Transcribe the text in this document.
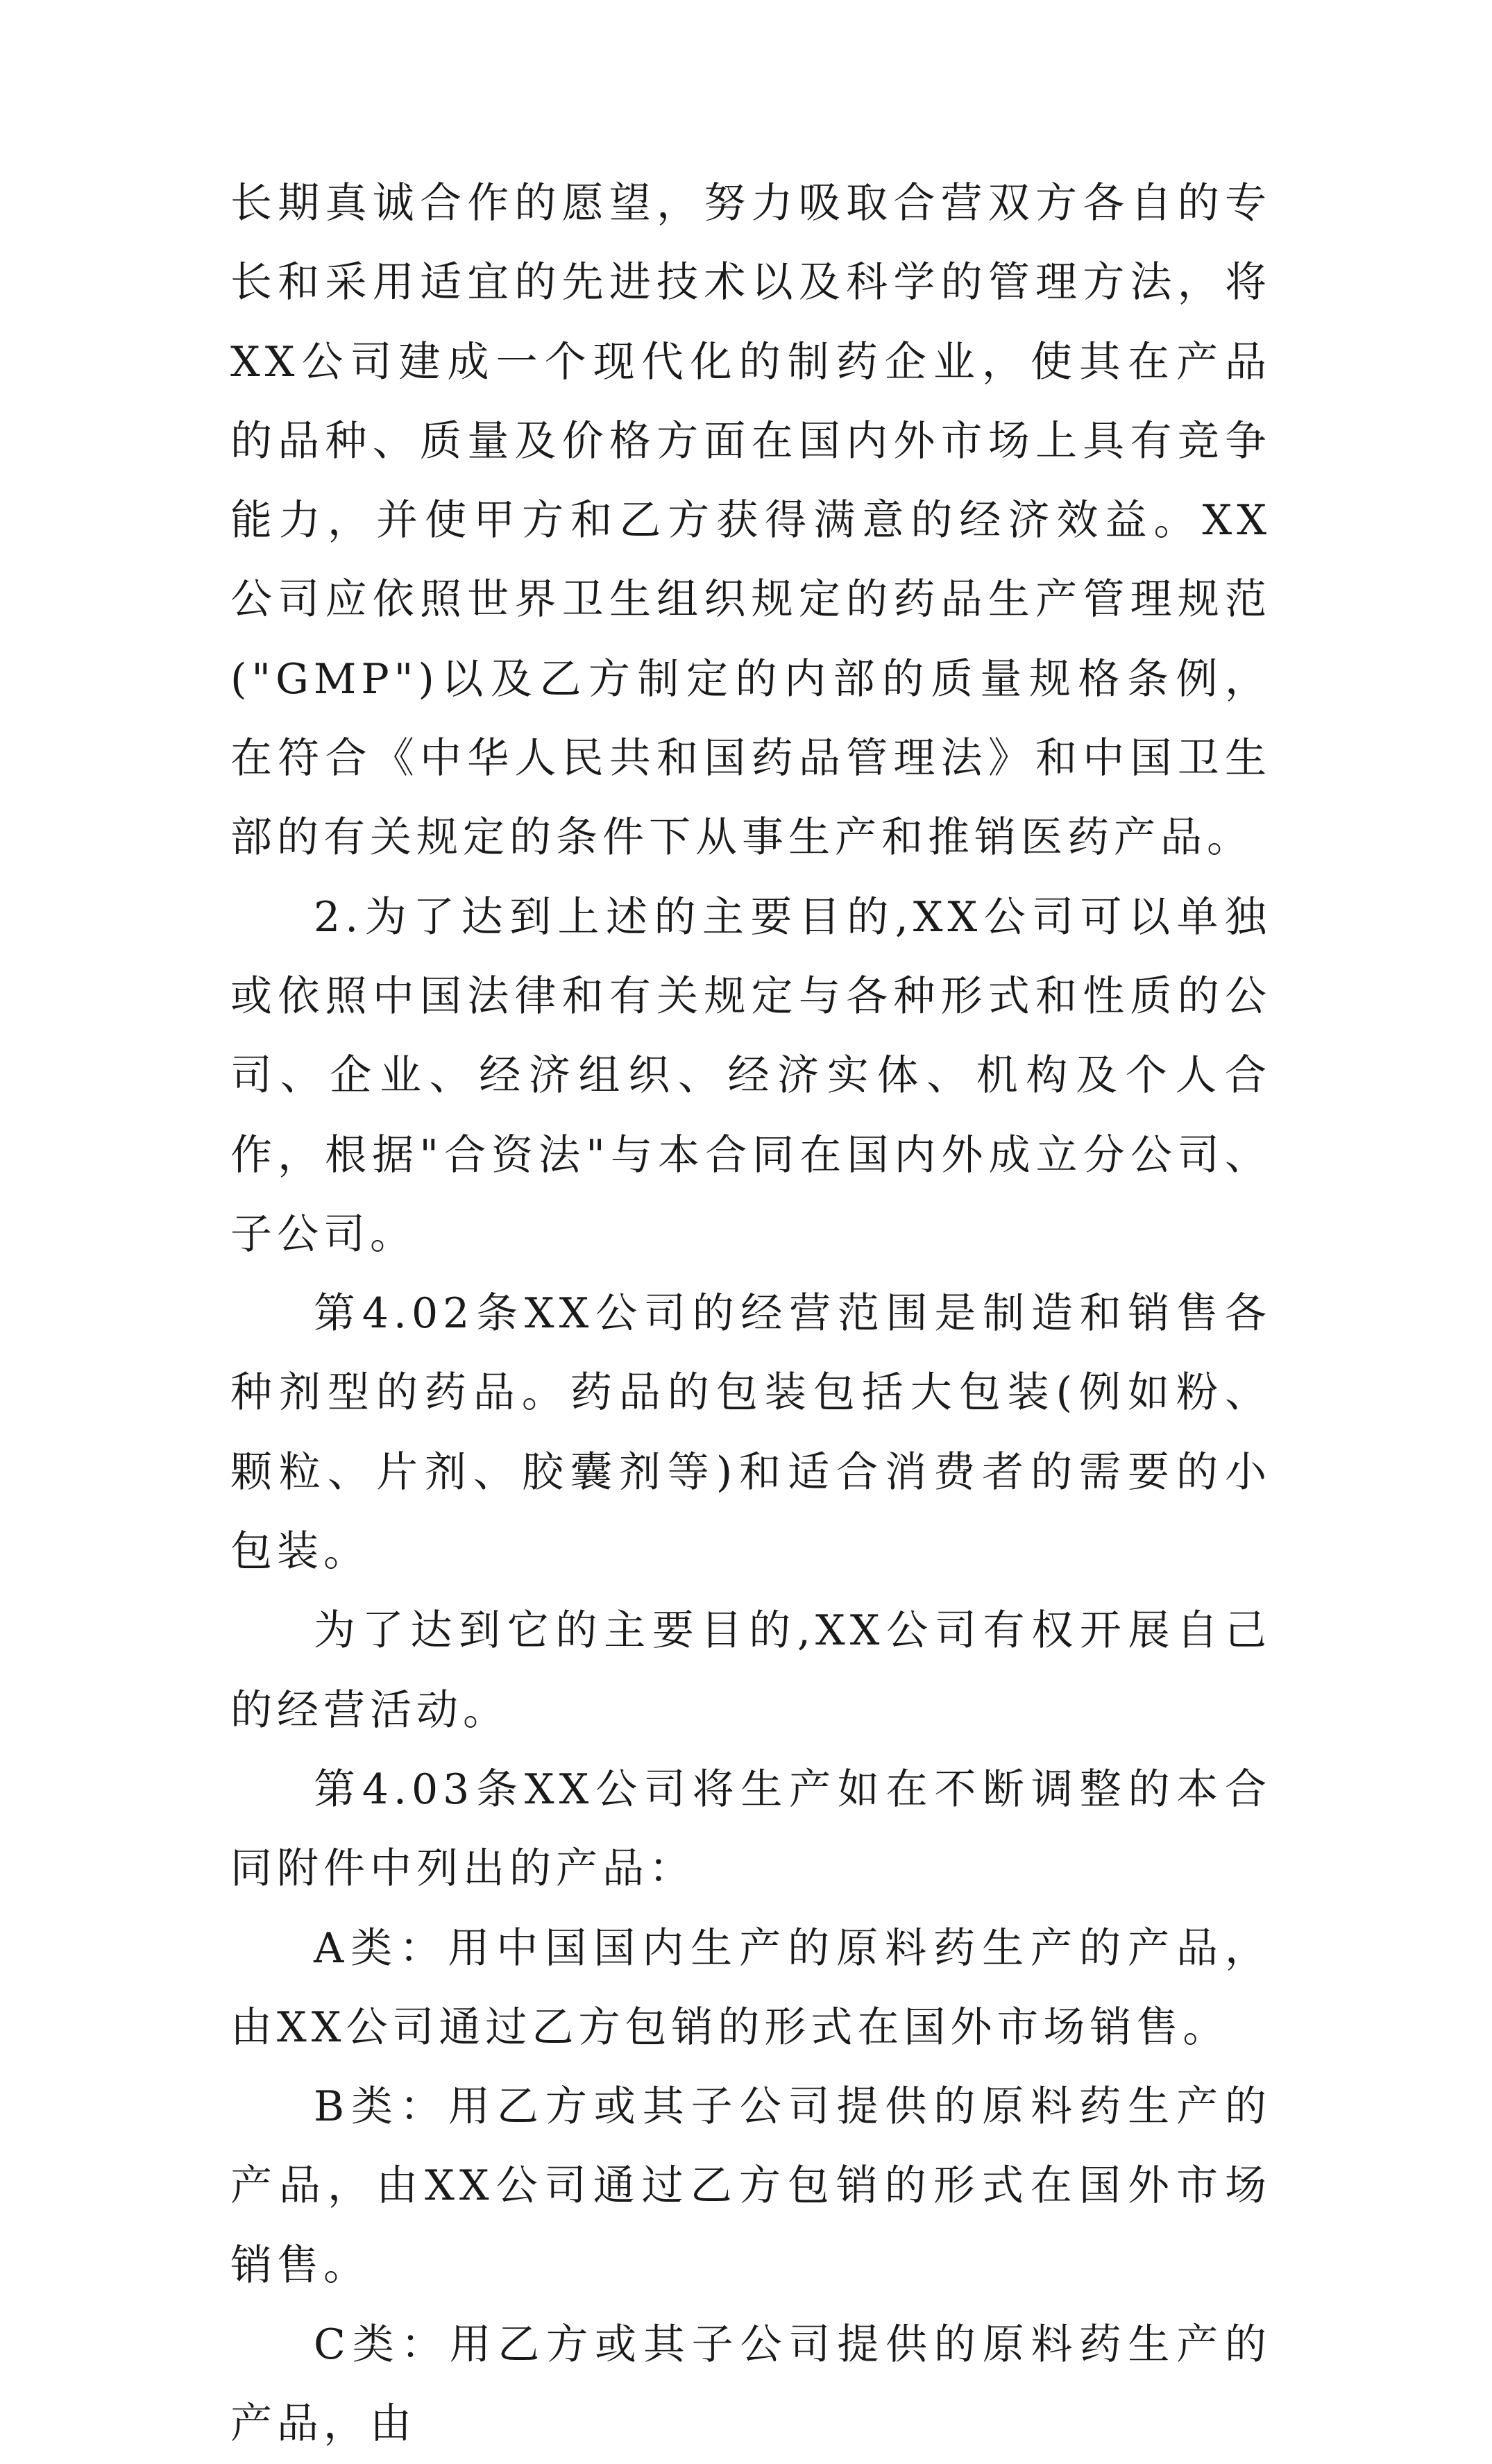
长期真诚合作的愿望，努力吸取合营双方各自的专长和采用适宜的先进技术以及科学的管理方法，将XX公司建成一个现代化的制药企业，使其在产品的品种、质量及价格方面在国内外市场上具有竞争能力，并使甲方和乙方获得满意的经济效益。XX公司应依照世界卫生组织规定的药品生产管理规范("GMP")以及乙方制定的内部的质量规格条例，在符合《中华人民共和国药品管理法》和中国卫生部的有关规定的条件下从事生产和推销医药产品。

2.为了达到上述的主要目的,XX公司可以单独或依照中国法律和有关规定与各种形式和性质的公司、企业、经济组织、经济实体、机构及个人合作，根据"合资法"与本合同在国内外成立分公司、子公司。

第4.02条XX公司的经营范围是制造和销售各种剂型的药品。药品的包装包括大包装(例如粉、颗粒、片剂、胶囊剂等)和适合消费者的需要的小包装。

为了达到它的主要目的,XX公司有权开展自己的经营活动。

第4.03条XX公司将生产如在不断调整的本合同附件中列出的产品：

A类：用中国国内生产的原料药生产的产品，由XX公司通过乙方包销的形式在国外市场销售。

B类：用乙方或其子公司提供的原料药生产的产品，由XX公司通过乙方包销的形式在国外市场销售。

C类：用乙方或其子公司提供的原料药生产的产品，由
